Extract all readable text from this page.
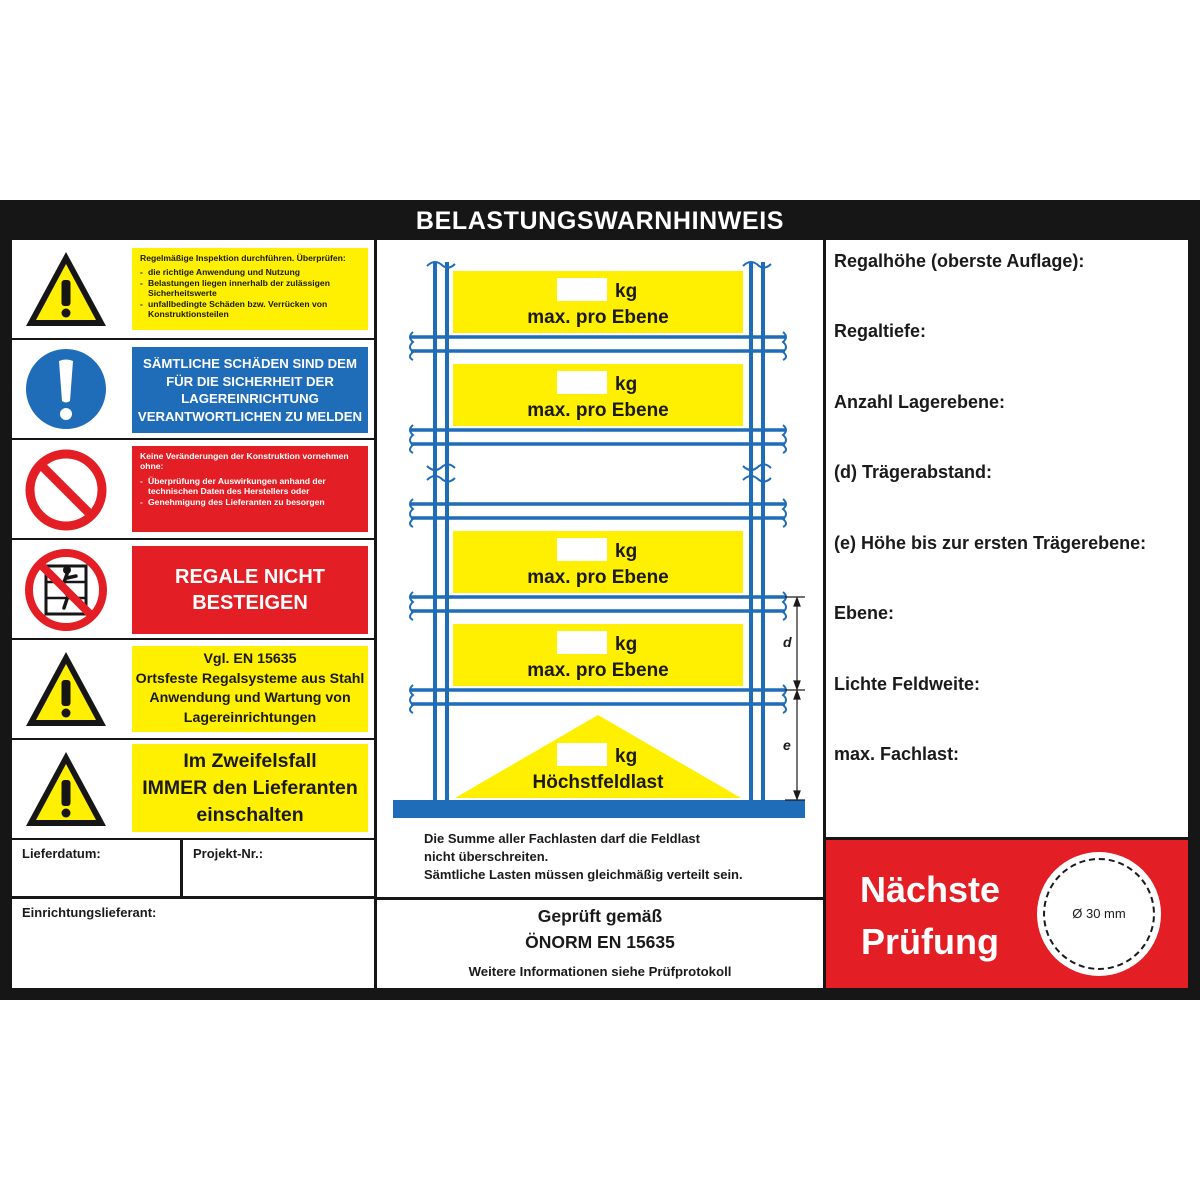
BELASTUNGSWARNHINWEIS
Regelmäßige Inspektion durchführen. Überprüfen:
- die richtige Anwendung und Nutzung
- Belastungen liegen innerhalb der zulässigen Sicherheitswerte
- unfallbedingte Schäden bzw. Verrücken von Konstruktionsteilen
SÄMTLICHE SCHÄDEN SIND DEM
FÜR DIE SICHERHEIT DER
LAGEREINRICHTUNG
VERANTWORTLICHEN ZU MELDEN
Keine Veränderungen der Konstruktion vornehmen ohne:
- Überprüfung der Auswirkungen anhand der technischen Daten des Herstellers oder
- Genehmigung des Lieferanten zu besorgen
REGALE NICHT
BESTEIGEN
Vgl. EN 15635
Ortsfeste Regalsysteme aus Stahl
Anwendung und Wartung von
Lagereinrichtungen
Im Zweifelsfall
IMMER den Lieferanten
einschalten
Lieferdatum:	Projekt-Nr.:
Einrichtungslieferant:
kg
max. pro Ebene
kg
max. pro Ebene
kg
max. pro Ebene
kg
max. pro Ebene
kg
Höchstfeldlast
d
e
Die Summe aller Fachlasten darf die Feldlast
nicht überschreiten.
Sämtliche Lasten müssen gleichmäßig verteilt sein.
Geprüft gemäß
ÖNORM EN 15635
Weitere Informationen siehe Prüfprotokoll
Regalhöhe (oberste Auflage):
Regaltiefe:
Anzahl Lagerebene:
(d) Trägerabstand:
(e) Höhe bis zur ersten Trägerebene:
Ebene:
Lichte Feldweite:
max. Fachlast:
Nächste
Prüfung
Ø 30 mm
